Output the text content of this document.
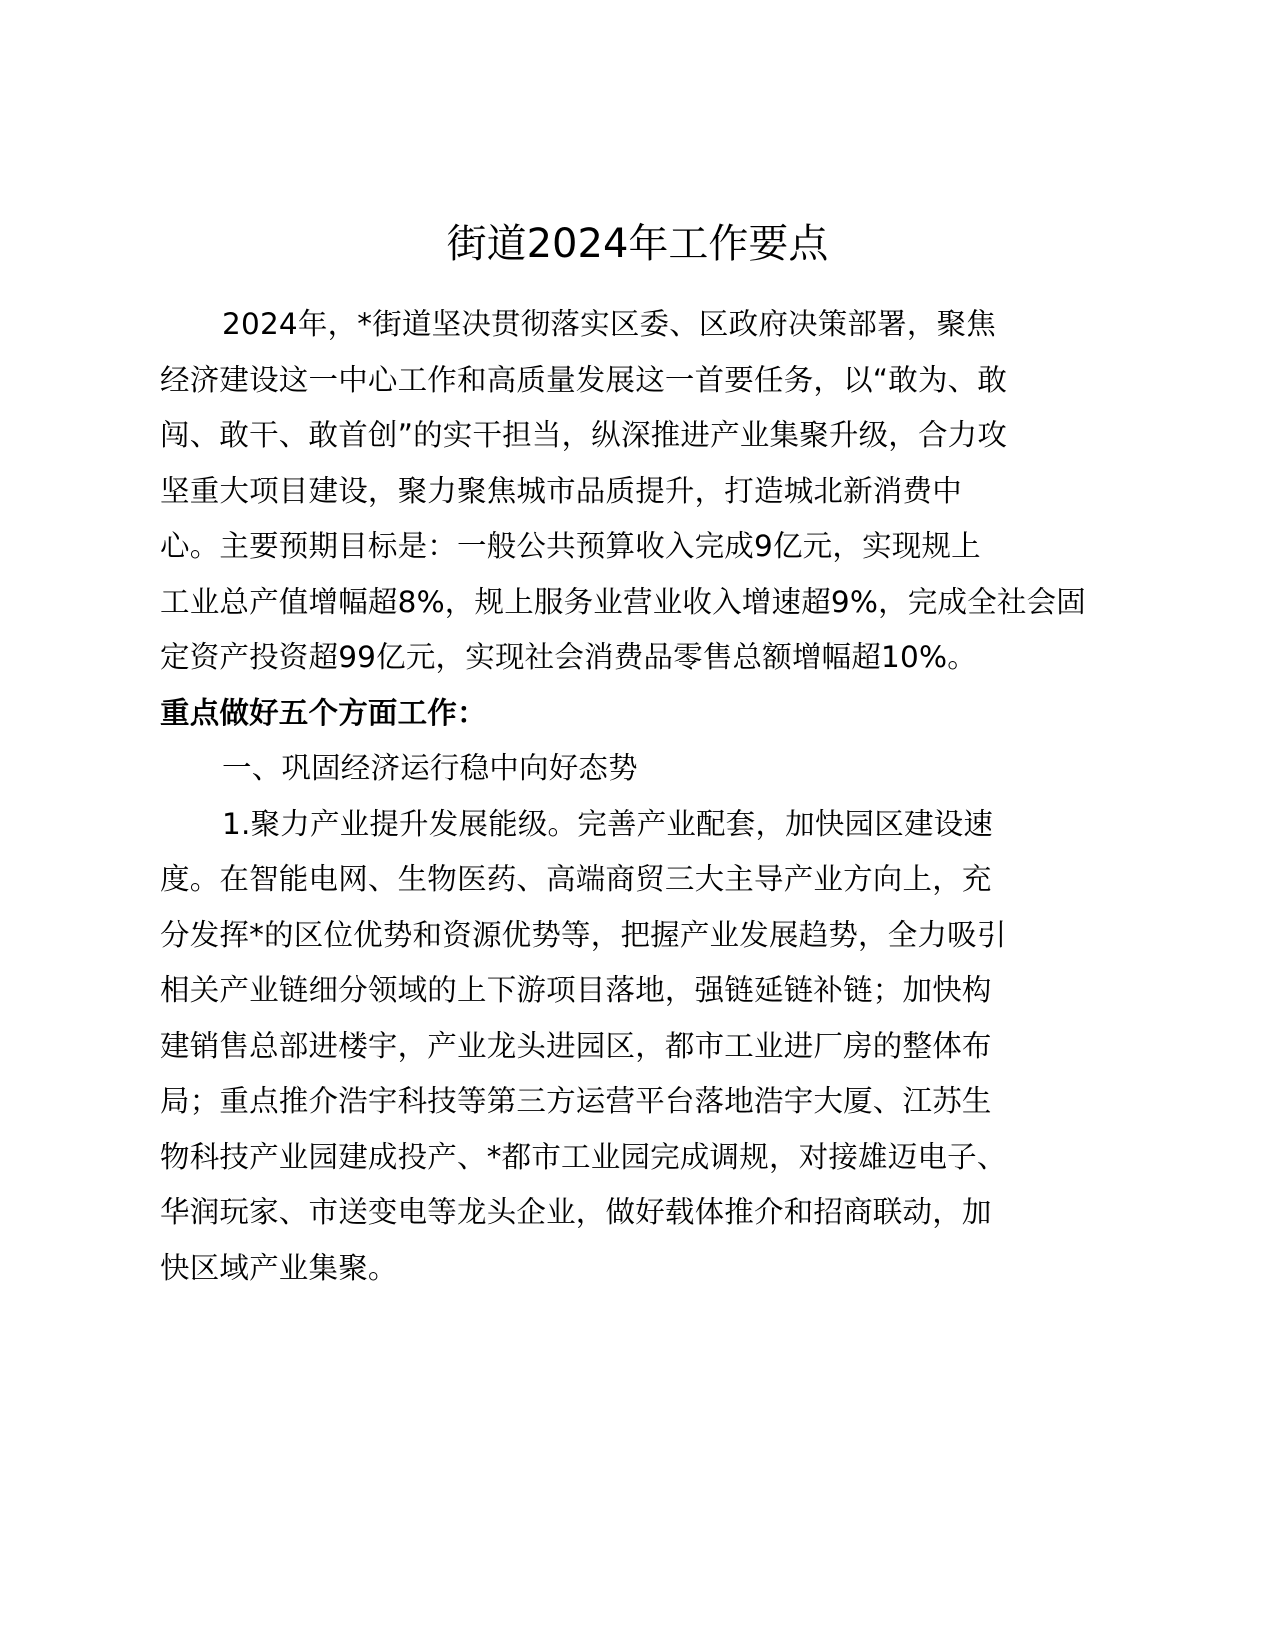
街道2024年工作要点
2024年，*街道坚决贯彻落实区委、区政府决策部署，聚焦
经济建设这一中心工作和高质量发展这一首要任务，以“敢为、敢
闯、敢干、敢首创”的实干担当，纵深推进产业集聚升级，合力攻
坚重大项目建设，聚力聚焦城市品质提升，打造城北新消费中
心。主要预期目标是：一般公共预算收入完成9亿元，实现规上
工业总产值增幅超8%，规上服务业营业收入增速超9%，完成全社会固
定资产投资超99亿元，实现社会消费品零售总额增幅超10%。
重点做好五个方面工作：
一、巩固经济运行稳中向好态势
1.聚力产业提升发展能级。完善产业配套，加快园区建设速
度。在智能电网、生物医药、高端商贸三大主导产业方向上，充
分发挥*的区位优势和资源优势等，把握产业发展趋势，全力吸引
相关产业链细分领域的上下游项目落地，强链延链补链；加快构
建销售总部进楼宇，产业龙头进园区，都市工业进厂房的整体布
局；重点推介浩宇科技等第三方运营平台落地浩宇大厦、江苏生
物科技产业园建成投产、*都市工业园完成调规，对接雄迈电子、
华润玩家、市送变电等龙头企业，做好载体推介和招商联动，加
快区域产业集聚。
